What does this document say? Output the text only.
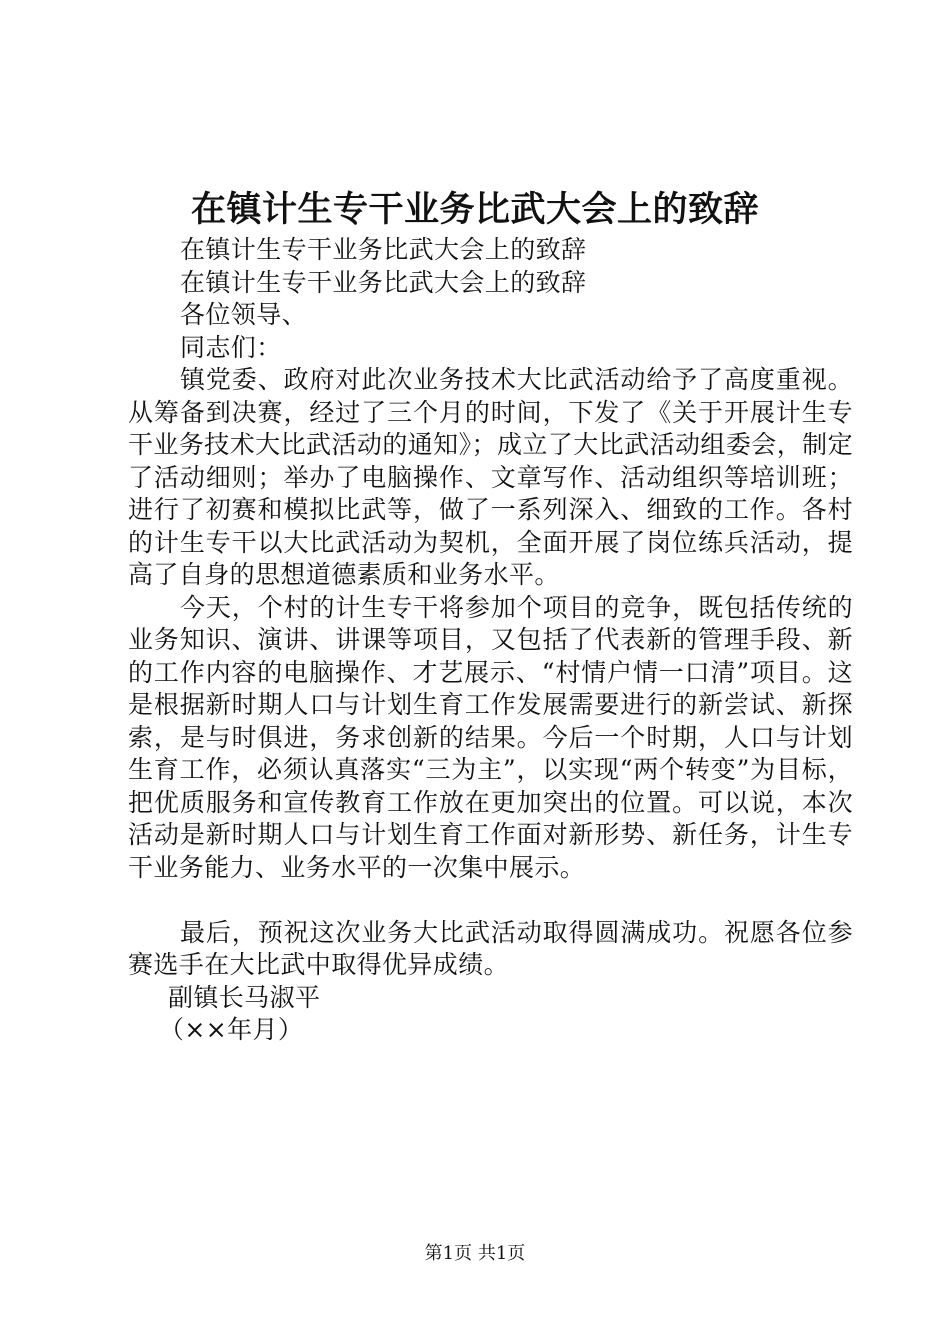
在镇计生专干业务比武大会上的致辞
在镇计生专干业务比武大会上的致辞
在镇计生专干业务比武大会上的致辞
各位领导、
同志们：
镇党委、政府对此次业务技术大比武活动给予了高度重视。从筹备到决赛，经过了三个月的时间，下发了《关于开展计生专干业务技术大比武活动的通知》；成立了大比武活动组委会，制定了活动细则；举办了电脑操作、文章写作、活动组织等培训班；进行了初赛和模拟比武等，做了一系列深入、细致的工作。各村的计生专干以大比武活动为契机，全面开展了岗位练兵活动，提高了自身的思想道德素质和业务水平。
今天，个村的计生专干将参加个项目的竞争，既包括传统的业务知识、演讲、讲课等项目，又包括了代表新的管理手段、新的工作内容的电脑操作、才艺展示、“村情户情一口清”项目。这是根据新时期人口与计划生育工作发展需要进行的新尝试、新探索，是与时俱进，务求创新的结果。今后一个时期，人口与计划生育工作，必须认真落实“三为主”，以实现“两个转变”为目标，把优质服务和宣传教育工作放在更加突出的位置。可以说，本次活动是新时期人口与计划生育工作面对新形势、新任务，计生专干业务能力、业务水平的一次集中展示。
最后，预祝这次业务大比武活动取得圆满成功。祝愿各位参赛选手在大比武中取得优异成绩。
副镇长马淑平
（××年月）
第1页 共1页
